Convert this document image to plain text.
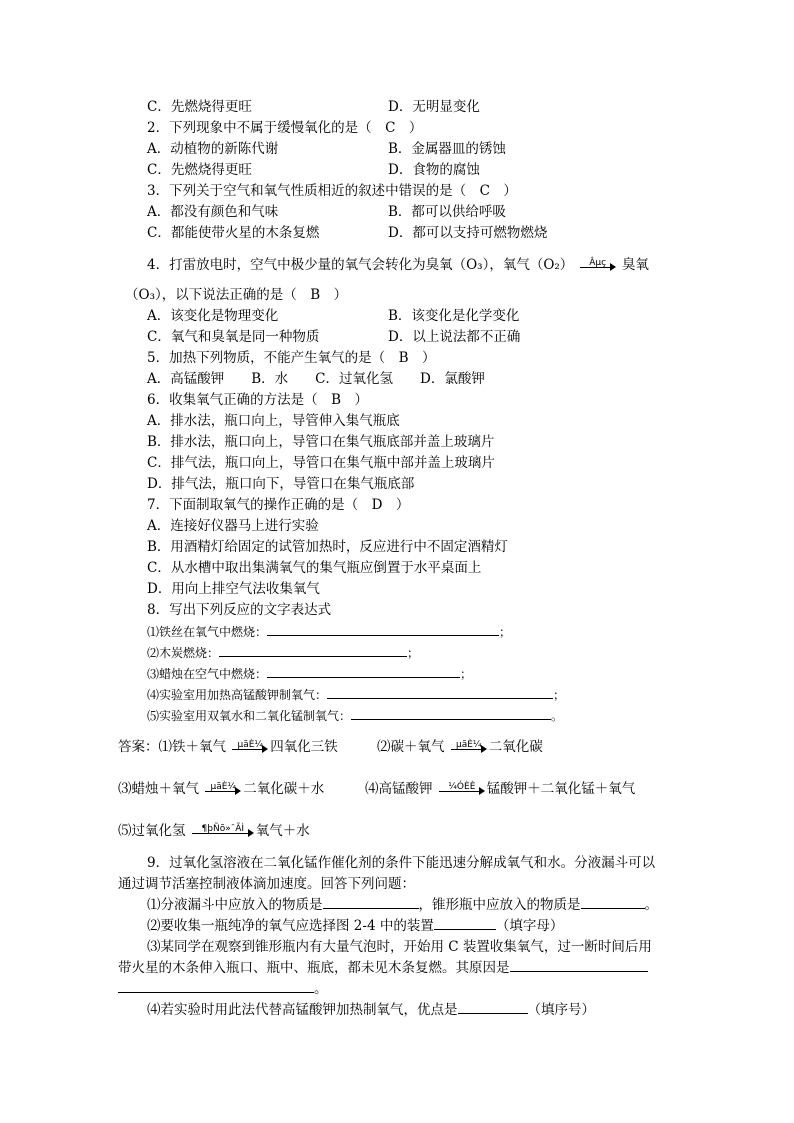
C．先燃烧得更旺	D．无明显变化
2．下列现象中不属于缓慢氧化的是（　C　）
A．动植物的新陈代谢	B．金属器皿的锈蚀
C．先燃烧得更旺	D．食物的腐蚀
3．下列关于空气和氧气性质相近的叙述中错误的是（　C　）
A．都没有颜色和气味	B．都可以供给呼吸
C．都能使带火星的木条复燃	D．都可以支持可燃物燃烧
4．打雷放电时，空气中极少量的氧气会转化为臭氧（O₃），氧气（O₂）	Âµç	臭氧
（O₃），以下说法正确的是（　B　）
A．该变化是物理变化	B．该变化是化学变化
C．氧气和臭氧是同一种物质	D．以上说法都不正确
5．加热下列物质，不能产生氧气的是（　B　）
A．高锰酸钾　　B．水　　C．过氧化氢　　D．氯酸钾
6．收集氧气正确的方法是（　B　）
A．排水法，瓶口向上，导管伸入集气瓶底
B．排水法，瓶口向上，导管口在集气瓶底部并盖上玻璃片
C．排气法，瓶口向上，导管口在集气瓶中部并盖上玻璃片
D．排气法，瓶口向下，导管口在集气瓶底部
7．下面制取氧气的操作正确的是（　D　）
A．连接好仪器马上进行实验
B．用酒精灯给固定的试管加热时，反应进行中不固定酒精灯
C．从水槽中取出集满氧气的集气瓶应倒置于水平桌面上
D．用向上排空气法收集氧气
8．写出下列反应的文字表达式
⑴铁丝在氧气中燃烧：	；
⑵木炭燃烧：	；
⑶蜡烛在空气中燃烧：	；
⑷实验室用加热高锰酸钾制氧气：	；
⑸实验室用双氧水和二氧化锰制氧气：	。
答案：⑴铁＋氧气	µãÈ¼ 四氧化三铁	⑵碳＋氧气	µãÈ¼ 二氧化碳
⑶蜡烛＋氧气	µãÈ¼ 二氧化碳＋水	⑷高锰酸钾	¼ÓÈÈ 锰酸钾＋二氧化锰＋氧气
⑸过氧化氢	¶þÑõ»¯ÃÌ 氧气＋水
9．过氧化氢溶液在二氧化锰作催化剂的条件下能迅速分解成氧气和水。分液漏斗可以
通过调节活塞控制液体滴加速度。回答下列问题：
⑴分液漏斗中应放入的物质是	，锥形瓶中应放入的物质是	。
⑵要收集一瓶纯净的氧气应选择图 2-4 中的装置	（填字母）
⑶某同学在观察到锥形瓶内有大量气泡时，开始用 C 装置收集氧气，过一断时间后用
带火星的木条伸入瓶口、瓶中、瓶底，都未见木条复燃。其原因是
。
⑷若实验时用此法代替高锰酸钾加热制氧气，优点是	（填序号）
